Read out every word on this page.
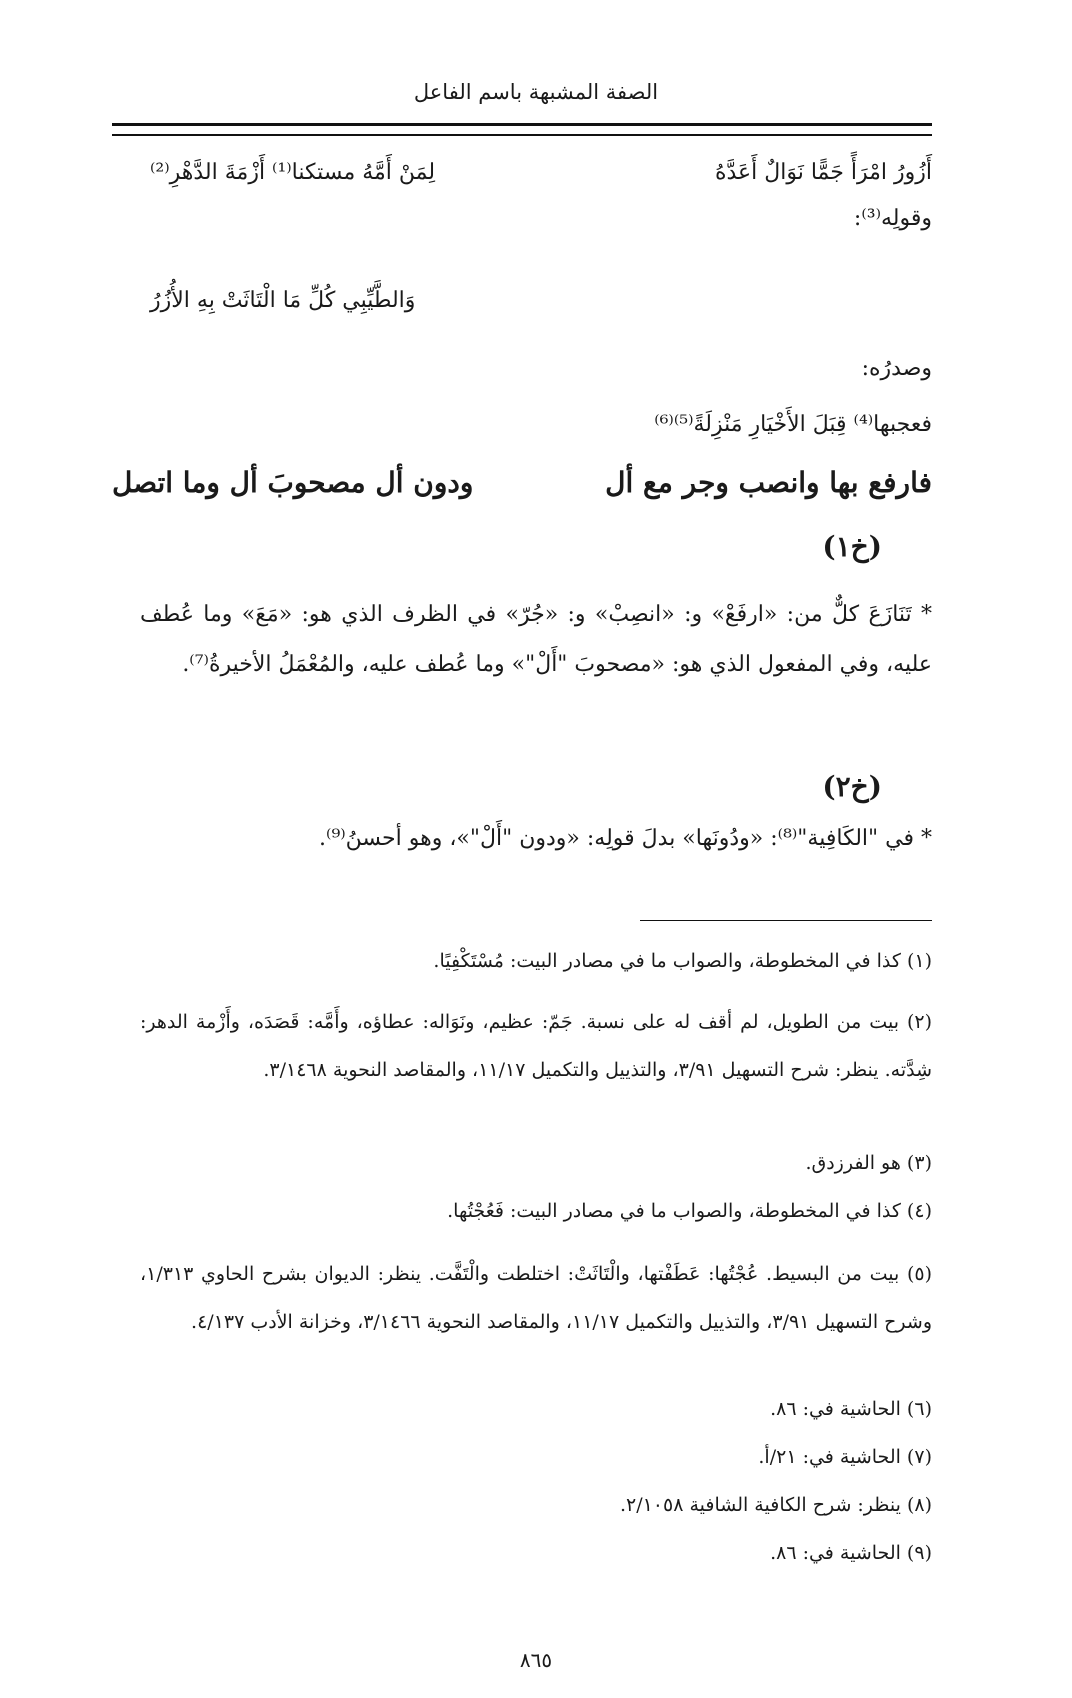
الصفة المشبهة باسم الفاعل
أَزُورُ امْرَأً جَمًّا نَوَالٌ أَعَدَّهُ
لِمَنْ أَمَّهُ مستكنا⁽¹⁾ أَزْمَةَ الدَّهْرِ⁽²⁾
وقولِه⁽³⁾:
وَالطَّيِّبِي كُلِّ مَا الْتَاثَتْ بِهِ الأُزُرُ
وصدرُه:
فعجبها⁽⁴⁾ قِبَلَ الأَخْيَارِ مَنْزِلَةً⁽⁵⁾⁽⁶⁾
فارفع بها وانصب وجر مع أل
ودون أل مصحوبَ أل وما اتصل
(خ١)
* تَنَازَعَ كلٌّ من: «ارفَعْ» و: «انصِبْ» و: «جُرّ» في الظرف الذي هو: «مَعَ» وما عُطف عليه، وفي المفعول الذي هو: «مصحوبَ "أَلْ"» وما عُطف عليه، والمُعْمَلُ الأخيرةُ⁽⁷⁾.
(خ٢)
* في "الكَافِية"⁽⁸⁾: «ودُونَها» بدلَ قولِه: «ودون "أَلْ"»، وهو أحسنُ⁽⁹⁾.
(١) كذا في المخطوطة، والصواب ما في مصادر البيت: مُسْتَكْفِيًا.
(٢) بيت من الطويل، لم أقف له على نسبة. جَمّ: عظيم، ونَوَاله: عطاؤه، وأَمَّه: قَصَدَه، وأَزْمة الدهر: شِدَّته. ينظر: شرح التسهيل ٣/٩١، والتذييل والتكميل ١١/١٧، والمقاصد النحوية ٣/١٤٦٨.
(٣) هو الفرزدق.
(٤) كذا في المخطوطة، والصواب ما في مصادر البيت: فَعُجْتُها.
(٥) بيت من البسيط. عُجْتُها: عَطَفْتها، والْتَاثَتْ: اختلطت والْتَفَّت. ينظر: الديوان بشرح الحاوي ١/٣١٣، وشرح التسهيل ٣/٩١، والتذييل والتكميل ١١/١٧، والمقاصد النحوية ٣/١٤٦٦، وخزانة الأدب ٤/١٣٧.
(٦) الحاشية في: ٨٦.
(٧) الحاشية في: ٢١/أ.
(٨) ينظر: شرح الكافية الشافية ٢/١٠٥٨.
(٩) الحاشية في: ٨٦.
٨٦٥
